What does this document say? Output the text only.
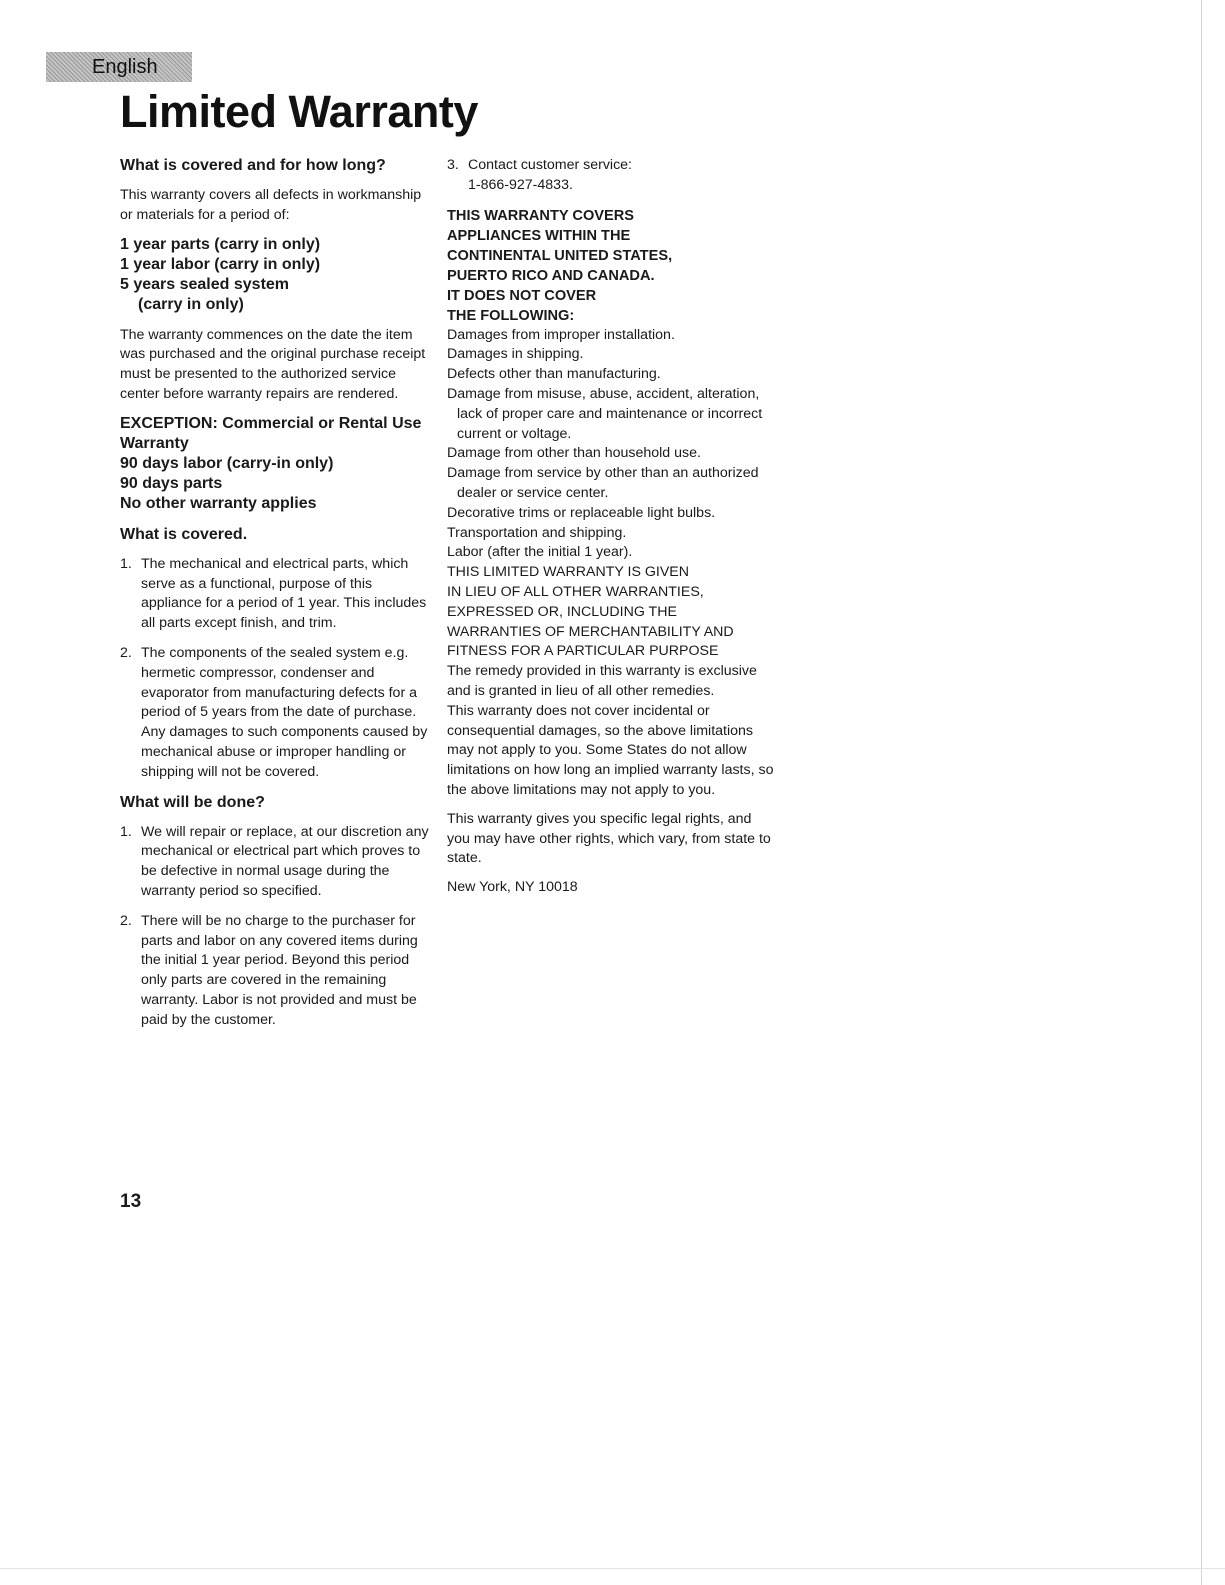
English
Limited Warranty
What is covered and for how long?
This warranty covers all defects in workmanship or materials for a period of:
1 year parts (carry in only)
1 year labor (carry in only)
5 years sealed system
(carry in only)
The warranty commences on the date the item was purchased and the original purchase receipt must be presented to the authorized service center before warranty repairs are rendered.
EXCEPTION: Commercial or Rental Use Warranty
90 days labor (carry-in only)
90 days parts
No other warranty applies
What is covered.
1. The mechanical and electrical parts, which serve as a functional, purpose of this appliance for a period of 1 year. This includes all parts except finish, and trim.
2. The components of the sealed system e.g. hermetic compressor, condenser and evaporator from manufacturing defects for a period of 5 years from the date of purchase. Any damages to such components caused by mechanical abuse or improper handling or shipping will not be covered.
What will be done?
1. We will repair or replace, at our discretion any mechanical or electrical part which proves to be defective in normal usage during the warranty period so specified.
2. There will be no charge to the purchaser for parts and labor on any covered items during the initial 1 year period. Beyond this period only parts are covered in the remaining warranty. Labor is not provided and must be paid by the customer.
3. Contact customer service:
1-866-927-4833.
THIS WARRANTY COVERS
APPLIANCES WITHIN THE
CONTINENTAL UNITED STATES,
PUERTO RICO AND CANADA.
IT DOES NOT COVER
THE FOLLOWING:
Damages from improper installation.
Damages in shipping.
Defects other than manufacturing.
Damage from misuse, abuse, accident, alteration, lack of proper care and maintenance or incorrect current or voltage.
Damage from other than household use.
Damage from service by other than an authorized dealer or service center.
Decorative trims or replaceable light bulbs.
Transportation and shipping.
Labor (after the initial 1 year).
THIS LIMITED WARRANTY IS GIVEN
IN LIEU OF ALL OTHER WARRANTIES,
EXPRESSED OR, INCLUDING THE
WARRANTIES OF MERCHANTABILITY AND
FITNESS FOR A PARTICULAR PURPOSE
The remedy provided in this warranty is exclusive and is granted in lieu of all other remedies.
This warranty does not cover incidental or consequential damages, so the above limitations may not apply to you. Some States do not allow limitations on how long an implied warranty lasts, so the above limitations may not apply to you.
This warranty gives you specific legal rights, and you may have other rights, which vary, from state to state.
New York, NY 10018
13
